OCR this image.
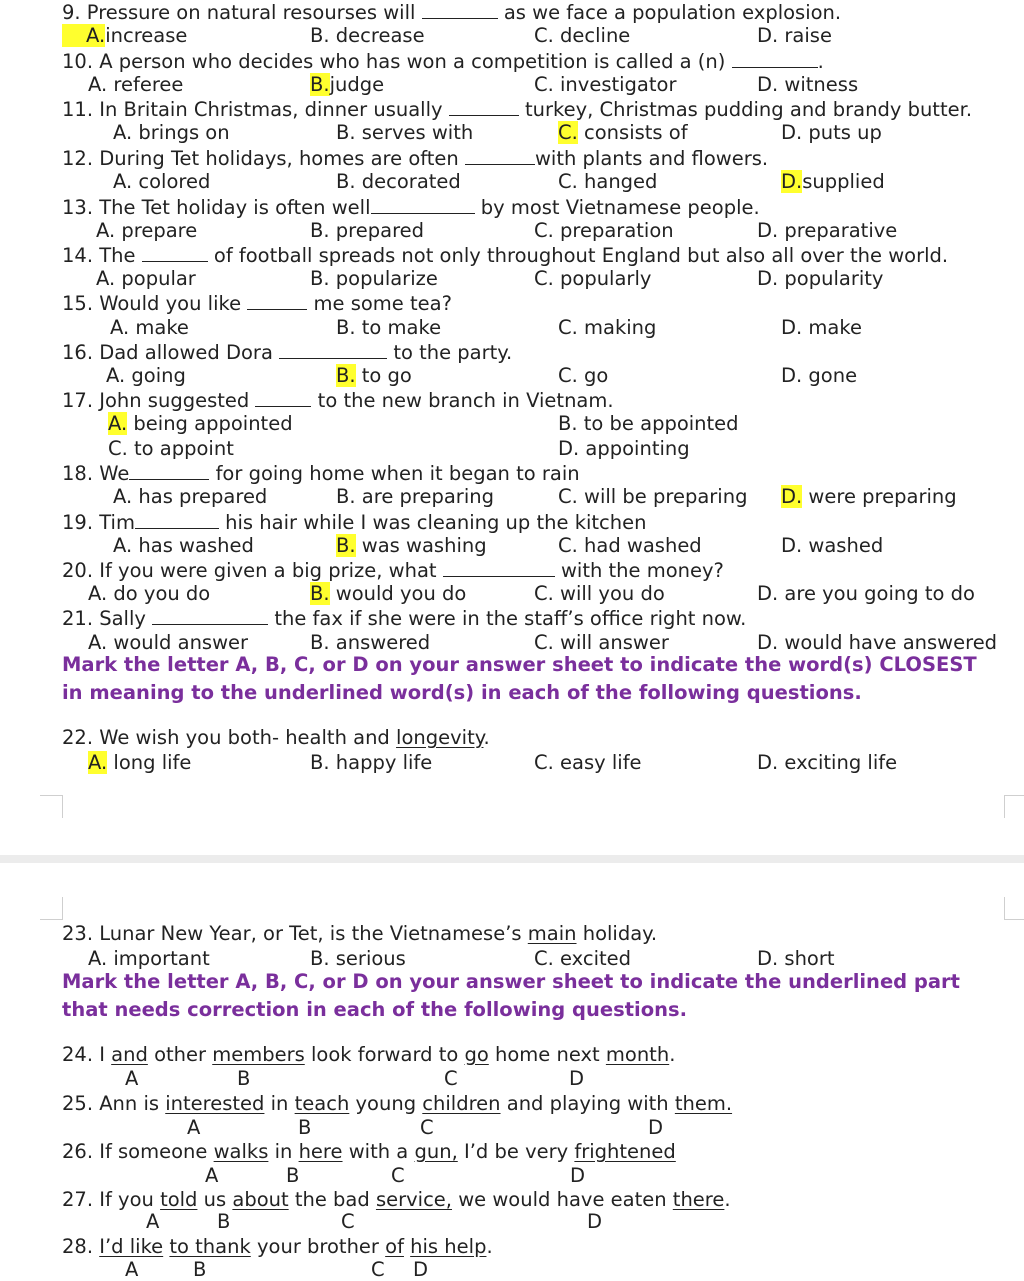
9. Pressure on natural resourses will	as we face a population explosion.
A.increase	B. decrease	C. decline	D. raise
10. A person who decides who has won a competition is called a (n)	.
A. referee	B.judge	C. investigator	D. witness
11. In Britain Christmas, dinner usually	turkey, Christmas pudding and brandy butter.
A. brings on	B. serves with	C. consists of	D. puts up
12. During Tet holidays, homes are often	with plants and flowers.
A. colored	B. decorated	C. hanged	D.supplied
13. The Tet holiday is often well	by most Vietnamese people.
A. prepare	B. prepared	C. preparation	D. preparative
14. The	of football spreads not only throughout England but also all over the world.
A. popular	B. popularize	C. popularly	D. popularity
15. Would you like	me some tea?
A. make	B. to make	C. making	D. make
16. Dad allowed Dora	to the party.
A. going	B. to go	C. go	D. gone
17. John suggested	to the new branch in Vietnam.
A. being appointed	B. to be appointed
C. to appoint	D. appointing
18. We	for going home when it began to rain
A. has prepared	B. are preparing	C. will be preparing D. were preparing
19. Tim	his hair while I was cleaning up the kitchen
A. has washed	B. was washing	C. had washed	D. washed
20. If you were given a big prize, what	with the money?
A. do you do	B. would you do	C. will you do	D. are you going to do
21. Sally	the fax if she were in the staff’s office right now.
A. would answer	B. answered	C. will answer	D. would have answered
Mark the letter A, B, C, or D on your answer sheet to indicate the word(s) CLOSEST in meaning to the underlined word(s) in each of the following questions.
22. We wish you both- health and longevity.
A. long life	B. happy life	C. easy life	D. exciting life
23. Lunar New Year, or Tet, is the Vietnamese’s main holiday.
A. important	B. serious	C. excited	D. short
Mark the letter A, B, C, or D on your answer sheet to indicate the underlined part that needs correction in each of the following questions.
24. I and other members look forward to go home next month.
A	B	C	D
25. Ann is interested in teach young children and playing with them.
A	B	C	D
26. If someone walks in here with a gun, I’d be very frightened
A	B	C	D
27. If you told us about the bad service, we would have eaten there.
A	B	C	D
28. I’d like to thank your brother of his help.
A	B	C D
